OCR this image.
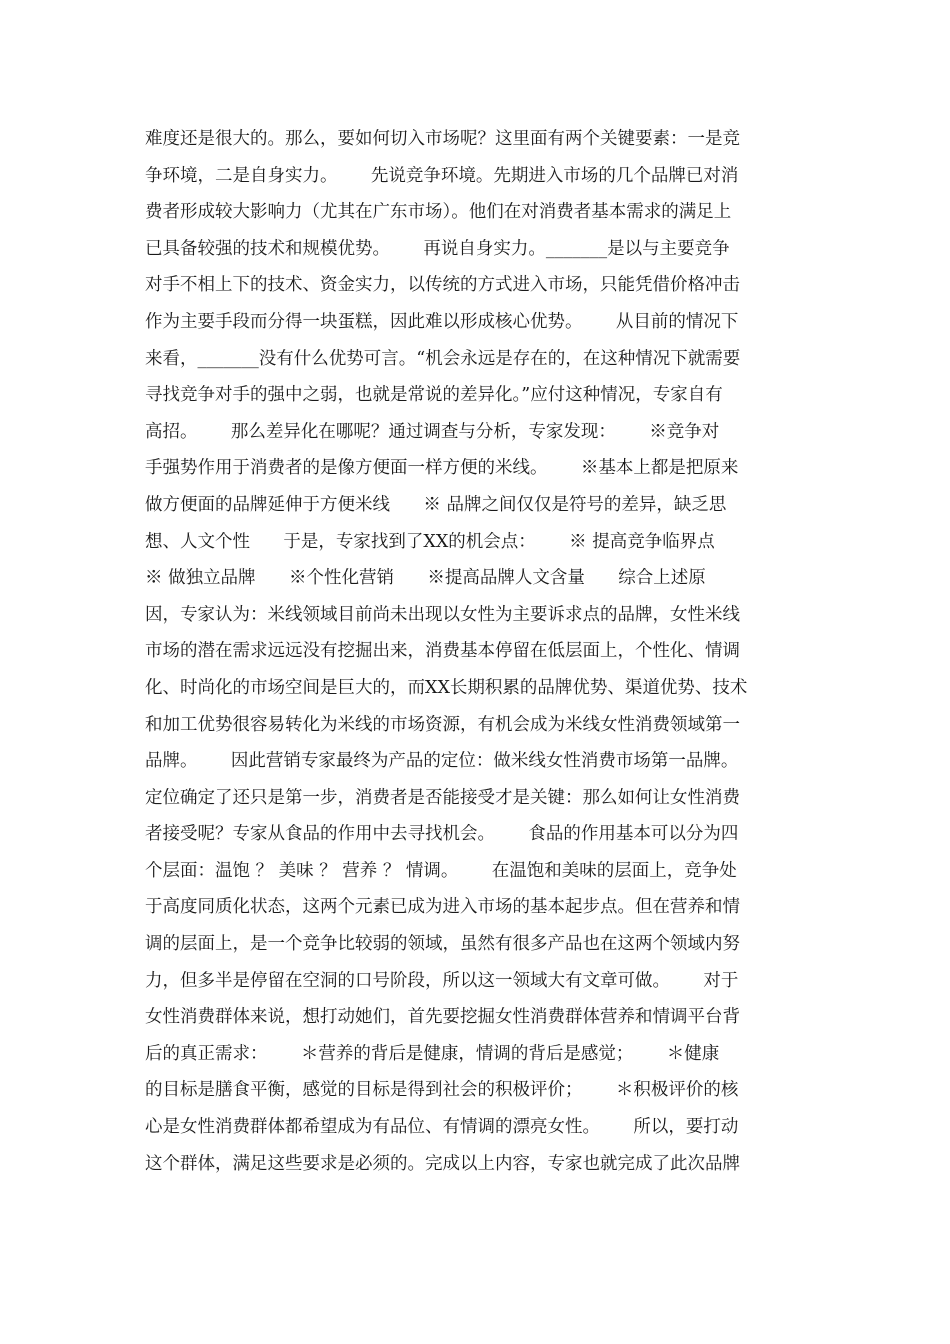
难度还是很大的。那么，要如何切入市场呢？这里面有两个关键要素：一是竞
争环境，二是自身实力。      先说竞争环境。先期进入市场的几个品牌已对消
费者形成较大影响力（尤其在广东市场）。他们在对消费者基本需求的满足上
已具备较强的技术和规模优势。      再说自身实力。_______是以与主要竞争
对手不相上下的技术、资金实力，以传统的方式进入市场，只能凭借价格冲击
作为主要手段而分得一块蛋糕，因此难以形成核心优势。      从目前的情况下
来看，_______没有什么优势可言。“机会永远是存在的，在这种情况下就需要
寻找竞争对手的强中之弱，也就是常说的差异化。”应付这种情况，专家自有
高招。      那么差异化在哪呢？通过调查与分析，专家发现：      ※竞争对
手强势作用于消费者的是像方便面一样方便的米线。      ※基本上都是把原来
做方便面的品牌延伸于方便米线      ※ 品牌之间仅仅是符号的差异，缺乏思
想、人文个性      于是，专家找到了XX的机会点：      ※ 提高竞争临界点
※ 做独立品牌      ※个性化营销      ※提高品牌人文含量      综合上述原
因，专家认为：米线领域目前尚未出现以女性为主要诉求点的品牌，女性米线
市场的潜在需求远远没有挖掘出来，消费基本停留在低层面上，个性化、情调
化、时尚化的市场空间是巨大的，而XX长期积累的品牌优势、渠道优势、技术
和加工优势很容易转化为米线的市场资源，有机会成为米线女性消费领域第一
品牌。      因此营销专家最终为产品的定位：做米线女性消费市场第一品牌。
定位确定了还只是第一步，消费者是否能接受才是关键：那么如何让女性消费
者接受呢？专家从食品的作用中去寻找机会。      食品的作用基本可以分为四
个层面：温饱 ？ 美味 ？ 营养 ？ 情调。      在温饱和美味的层面上，竞争处
于高度同质化状态，这两个元素已成为进入市场的基本起步点。但在营养和情
调的层面上，是一个竞争比较弱的领域，虽然有很多产品也在这两个领域内努
力，但多半是停留在空洞的口号阶段，所以这一领域大有文章可做。      对于
女性消费群体来说，想打动她们，首先要挖掘女性消费群体营养和情调平台背
后的真正需求：      ＊营养的背后是健康，情调的背后是感觉；      ＊健康
的目标是膳食平衡，感觉的目标是得到社会的积极评价；      ＊积极评价的核
心是女性消费群体都希望成为有品位、有情调的漂亮女性。      所以，要打动
这个群体，满足这些要求是必须的。完成以上内容，专家也就完成了此次品牌
